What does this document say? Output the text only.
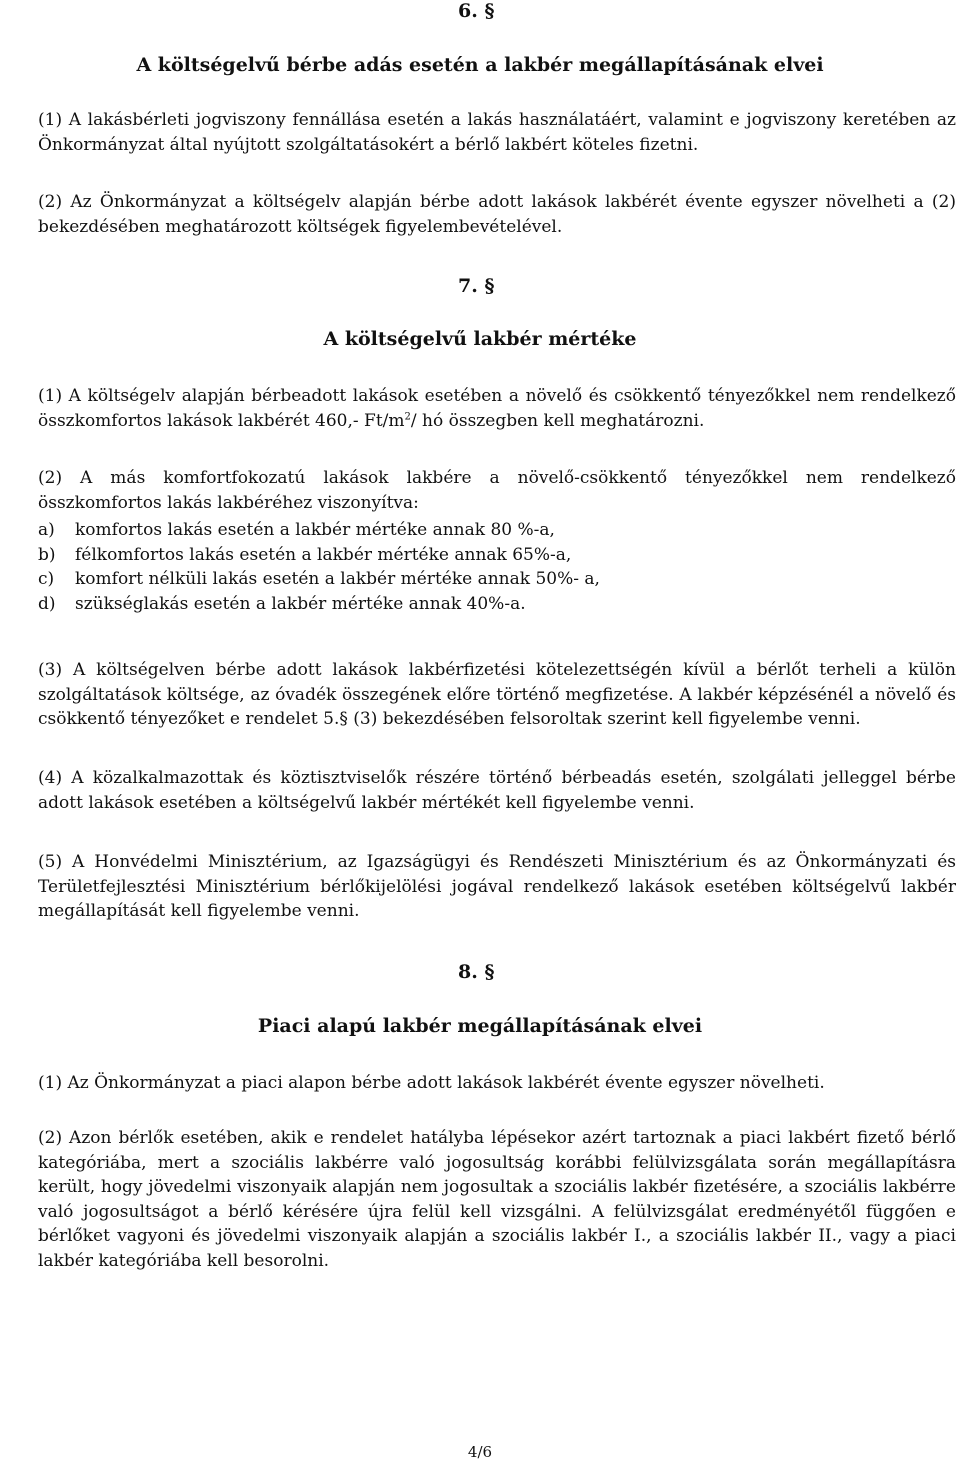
6. §
A költségelvű bérbe adás esetén a lakbér megállapításának elvei
(1) A lakásbérleti jogviszony fennállása esetén a lakás használatáért, valamint e jogviszony keretében az Önkormányzat által nyújtott szolgáltatásokért a bérlő lakbért köteles fizetni.
(2) Az Önkormányzat a költségelv alapján bérbe adott lakások lakbérét évente egyszer növelheti a (2) bekezdésében meghatározott költségek figyelembevételével.
7. §
A költségelvű lakbér mértéke
(1) A költségelv alapján bérbeadott lakások esetében a növelő és csökkentő tényezőkkel nem rendelkező összkomfortos lakások lakbérét 460,- $Ft/m^2/$ hó összegben kell meghatározni.
(2) A más komfortfokozatú lakások lakbére a növelő-csökkentő tényezőkkel nem rendelkező összkomfortos lakás lakbéréhez viszonyítva:
a) komfortos lakás esetén a lakbér mértéke annak 80 %-a,
b) félkomfortos lakás esetén a lakbér mértéke annak 65%-a,
c) komfort nélküli lakás esetén a lakbér mértéke annak 50%- a,
d) szükséglakás esetén a lakbér mértéke annak 40%-a.
(3) A költségelven bérbe adott lakások lakbérfizetési kötelezettségén kívül a bérlőt terheli a külön szolgáltatások költsége, az óvadék összegének előre történő megfizetése. A lakbér képzésénél a növelő és csökkentő tényezőket e rendelet 5.§ (3) bekezdésében felsoroltak szerint kell figyelembe venni.
(4) A közalkalmazottak és köztisztviselők részére történő bérbeadás esetén, szolgálati jelleggel bérbe adott lakások esetében a költségelvű lakbér mértékét kell figyelembe venni.
(5) A Honvédelmi Minisztérium, az Igazságügyi és Rendészeti Minisztérium és az Önkormányzati és Területfejlesztési Minisztérium bérlőkijelölési jogával rendelkező lakások esetében költségelvű lakbér megállapítását kell figyelembe venni.
8. §
Piaci alapú lakbér megállapításának elvei
(1) Az Önkormányzat a piaci alapon bérbe adott lakások lakbérét évente egyszer növelheti.
(2) Azon bérlők esetében, akik e rendelet hatályba lépésekor azért tartoznak a piaci lakbért fizető bérlő kategóriába, mert a szociális lakbérre való jogosultság korábbi felülvizsgálata során megállapításra került, hogy jövedelmi viszonyaik alapján nem jogosultak a szociális lakbér fizetésére, a szociális lakbérre való jogosultságot a bérlő kérésére újra felül kell vizsgálni. A felülvizsgálat eredményétől függően e bérlőket vagyoni és jövedelmi viszonyaik alapján a szociális lakbér I., a szociális lakbér II., vagy a piaci lakbér kategóriába kell besorolni.
4/6
